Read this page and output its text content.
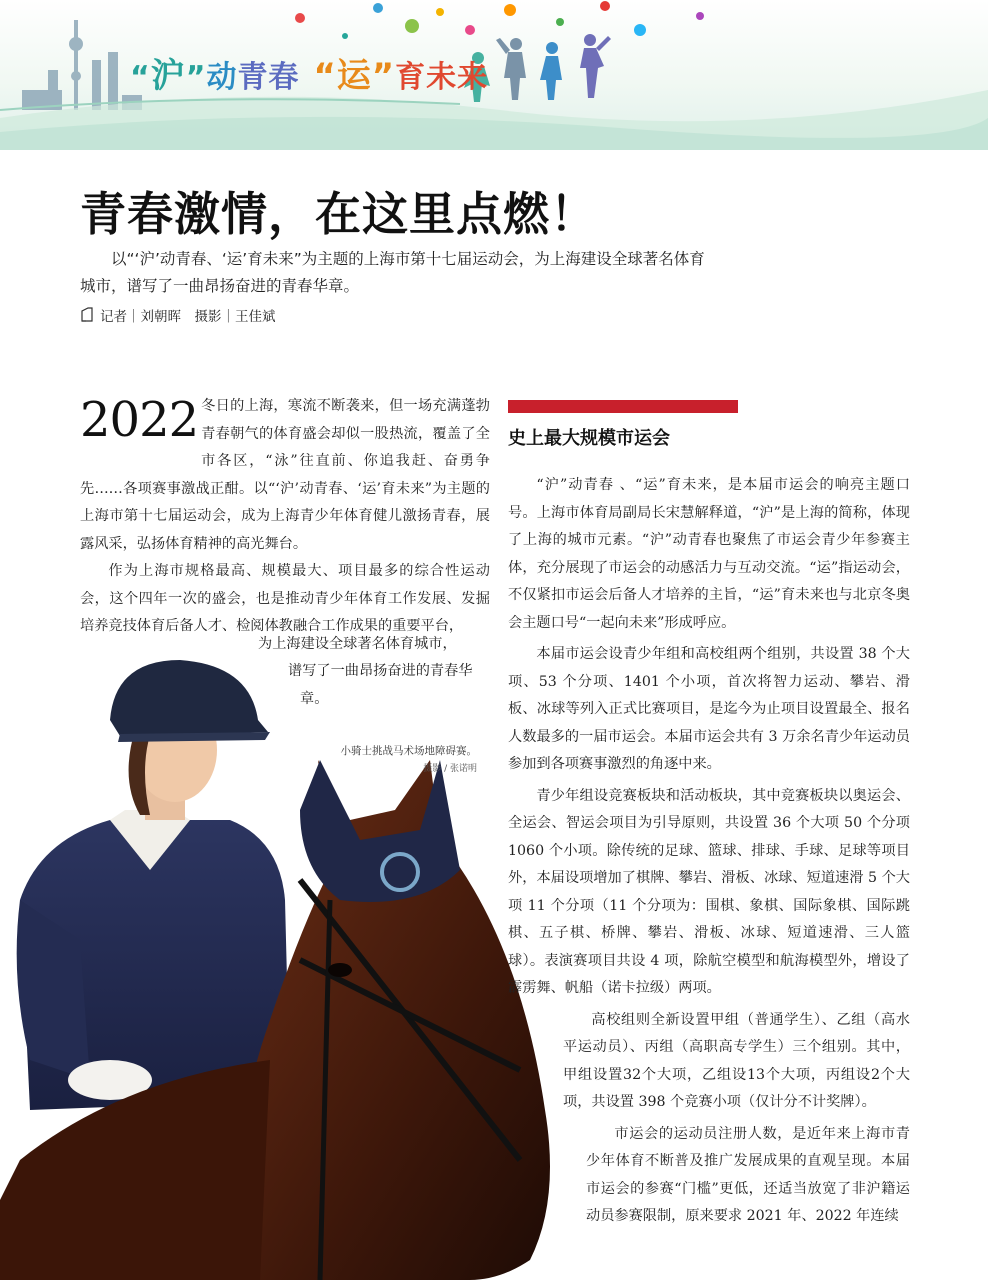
“沪”动青春 “运”育未来
青春激情，在这里点燃！

以“‘沪’动青春、‘运’育未来”为主题的上海市第十七届运动会，为上海建设全球著名体育城市，谱写了一曲昂扬奋进的青春华章。

记者｜刘朝晖　摄影｜王佳斌
小骑士挑战马术场地障碍赛。
摄影 / 张诺明
2022 冬日的上海，寒流不断袭来，但一场充满蓬勃青春朝气的体育盛会却似一股热流，覆盖了全市各区，“泳”往直前、你追我赶、奋勇争先……各项赛事激战正酣。以“‘沪’动青春、‘运’育未来”为主题的上海市第十七届运动会，成为上海青少年体育健儿激扬青春，展露风采，弘扬体育精神的高光舞台。

作为上海市规格最高、规模最大、项目最多的综合性运动会，这个四年一次的盛会，也是推动青少年体育工作发展、发掘培养竞技体育后备人才、检阅体教融合工作成果的重要平台，

为上海建设全球著名体育城市，
谱写了一曲昂扬奋进的青春华
章。
史上最大规模市运会

“沪”动青春 、“运”育未来，是本届市运会的响亮主题口号。上海市体育局副局长宋慧解释道，“沪”是上海的简称，体现了上海的城市元素。“沪”动青春也聚焦了市运会青少年参赛主体，充分展现了市运会的动感活力与互动交流。“运”指运动会，不仅紧扣市运会后备人才培养的主旨，“运”育未来也与北京冬奥会主题口号“一起向未来”形成呼应。

本届市运会设青少年组和高校组两个组别，共设置 38 个大项、53 个分项、1401 个小项，首次将智力运动、攀岩、滑板、冰球等列入正式比赛项目，是迄今为止项目设置最全、报名人数最多的一届市运会。本届市运会共有 3 万余名青少年运动员参加到各项赛事激烈的角逐中来。

青少年组设竞赛板块和活动板块，其中竞赛板块以奥运会、全运会、智运会项目为引导原则，共设置 36 个大项 50 个分项 1060 个小项。除传统的足球、篮球、排球、手球、足球等项目外，本届设项增加了棋牌、攀岩、滑板、冰球、短道速滑 5 个大项 11 个分项（11 个分项为：围棋、象棋、国际象棋、国际跳棋、五子棋、桥牌、攀岩、滑板、冰球、短道速滑、三人篮球）。表演赛项目共设 4 项，除航空模型和航海模型外，增设了霹雳舞、帆船（诺卡拉级）两项。

高校组则全新设置甲组（普通学生）、乙组（高水平运动员）、丙组（高职高专学生）三个组别。其中，甲组设置32个大项，乙组设13个大项，丙组设2个大项，共设置 398 个竞赛小项（仅计分不计奖牌）。

市运会的运动员注册人数，是近年来上海市青少年体育不断普及推广发展成果的直观呈现。本届市运会的参赛“门槛”更低，还适当放宽了非沪籍运动员参赛限制，原来要求 2021 年、2022 年连续
